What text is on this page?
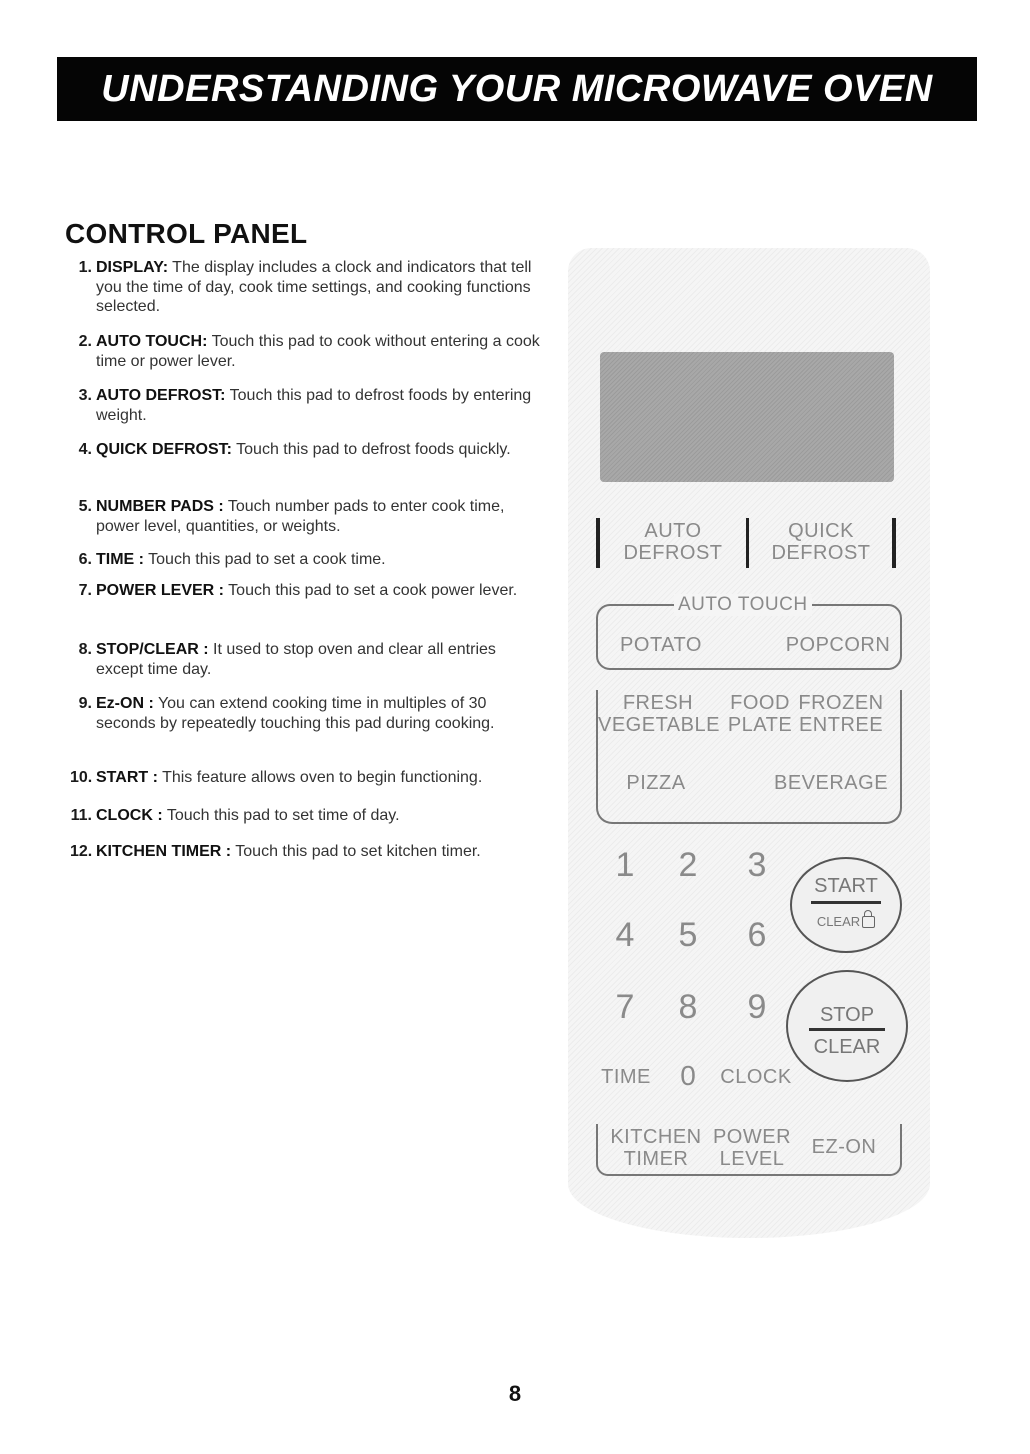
UNDERSTANDING YOUR MICROWAVE OVEN
CONTROL PANEL
1. DISPLAY: The display includes a clock and indicators that tell you the time of day, cook time settings, and cooking functions selected.
2. AUTO TOUCH: Touch this pad to cook without entering a cook time or power lever.
3. AUTO DEFROST: Touch this pad to defrost foods by entering weight.
4. QUICK DEFROST: Touch this pad to defrost foods quickly.
5. NUMBER PADS : Touch number pads to enter cook time, power level, quantities, or weights.
6. TIME : Touch this pad to set a cook time.
7. POWER LEVER : Touch this pad to set a cook power lever.
8. STOP/CLEAR : It used to stop oven and clear all entries except time day.
9. Ez-ON : You can extend cooking time in multiples of 30 seconds by repeatedly touching this pad during cooking.
10. START : This feature allows oven to begin functioning.
11. CLOCK : Touch this pad to set time of day.
12. KITCHEN TIMER : Touch this pad to set kitchen timer.
AUTO
DEFROST
QUICK
DEFROST
AUTO TOUCH
POTATO	POPCORN
FRESH
VEGETABLE
FOOD
PLATE
FROZEN
ENTREE
PIZZA	BEVERAGE
1	2	3
4	5	6
7	8	9
0
TIME	CLOCK
START
CLEAR
STOP
CLEAR
KITCHEN
TIMER
POWER
LEVEL
EZ-ON
8
